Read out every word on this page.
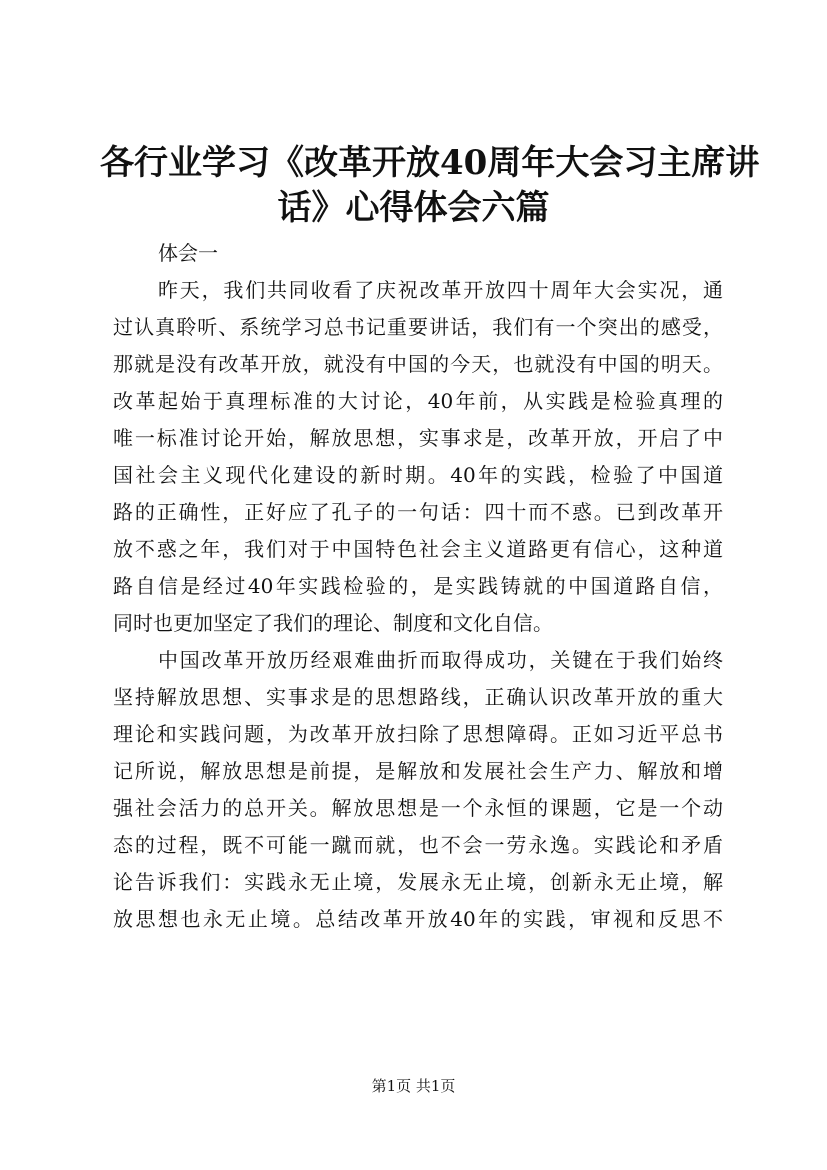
各行业学习《改革开放40周年大会习主席讲
话》心得体会六篇
体会一
昨天，我们共同收看了庆祝改革开放四十周年大会实况，通
过认真聆听、系统学习总书记重要讲话，我们有一个突出的感受，
那就是没有改革开放，就没有中国的今天，也就没有中国的明天。
改革起始于真理标准的大讨论，40年前，从实践是检验真理的
唯一标准讨论开始，解放思想，实事求是，改革开放，开启了中
国社会主义现代化建设的新时期。40年的实践，检验了中国道
路的正确性，正好应了孔子的一句话：四十而不惑。已到改革开
放不惑之年，我们对于中国特色社会主义道路更有信心，这种道
路自信是经过40年实践检验的，是实践铸就的中国道路自信，
同时也更加坚定了我们的理论、制度和文化自信。
中国改革开放历经艰难曲折而取得成功，关键在于我们始终
坚持解放思想、实事求是的思想路线，正确认识改革开放的重大
理论和实践问题，为改革开放扫除了思想障碍。正如习近平总书
记所说，解放思想是前提，是解放和发展社会生产力、解放和增
强社会活力的总开关。解放思想是一个永恒的课题，它是一个动
态的过程，既不可能一蹴而就，也不会一劳永逸。实践论和矛盾
论告诉我们：实践永无止境，发展永无止境，创新永无止境，解
放思想也永无止境。总结改革开放40年的实践，审视和反思不
第1页 共1页
